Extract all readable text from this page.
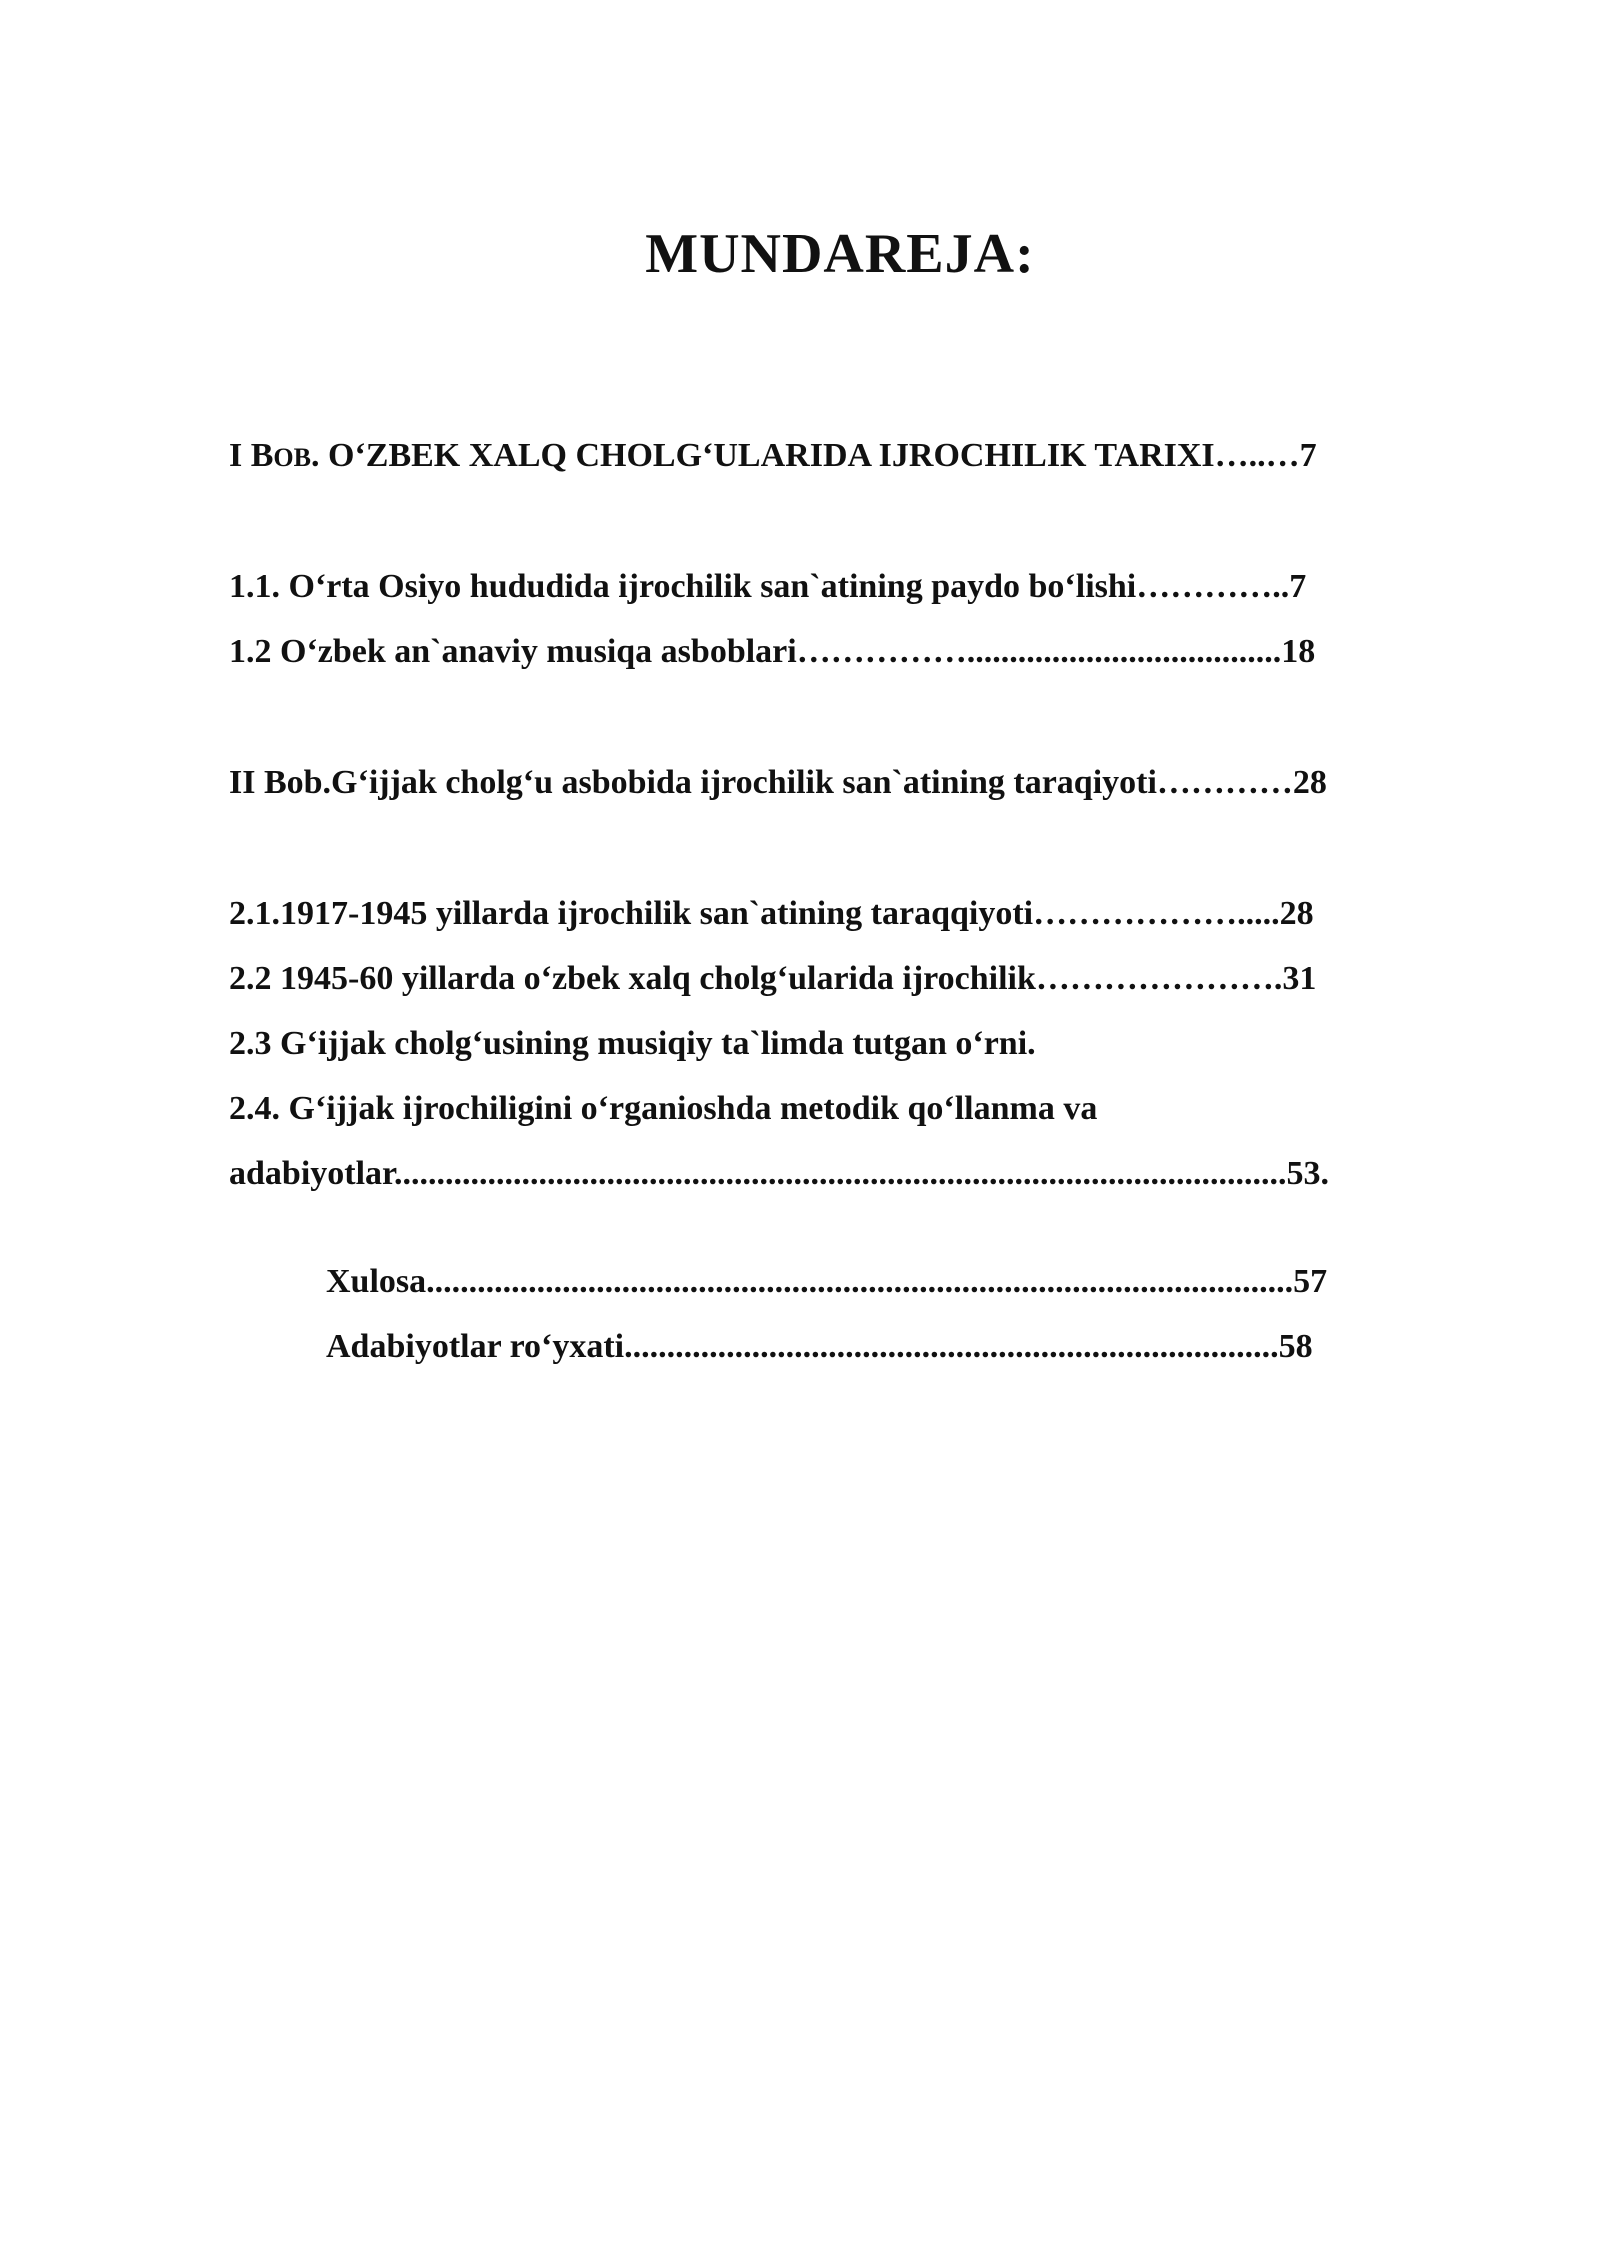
MUNDAREJA:
I BOB. O‘ZBEK XALQ CHOLG‘ULARIDA IJROCHILIK TARIXI…..…7
1.1. O‘rta Osiyo hududida ijrochilik san`atining paydo bo‘lishi…………..7
1.2 O‘zbek an`anaviy musiqa asboblari…………….....................................18
II Bob.G‘ijjak cholg‘u asbobida ijrochilik san`atining taraqiyoti…………28
2.1.1917-1945 yillarda ijrochilik san`atining taraqqiyoti……………….....28
2.2 1945-60 yillarda o‘zbek xalq cholg‘ularida ijrochilik………………….31
2.3 G‘ijjak cholg‘usining musiqiy ta`limda tutgan o‘rni.
2.4. G‘ijjak ijrochiligini o‘rganioshda metodik qo‘llanma va
adabiyotlar.........................................................................................................53.
Xulosa......................................................................................................57
Adabiyotlar ro‘yxati.............................................................................58
